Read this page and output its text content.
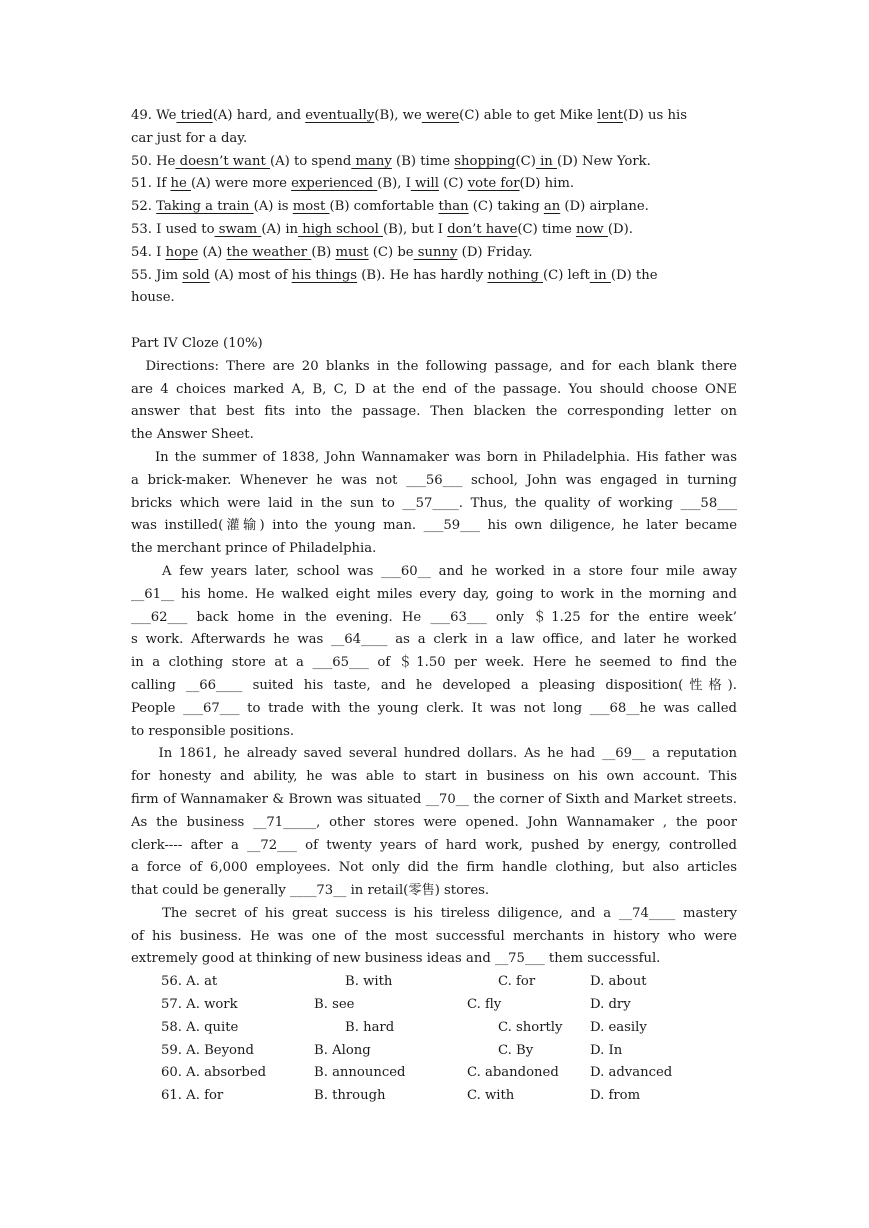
49. We tried(A) hard, and eventually(B), we were(C) able to get Mike lent(D) us his
car just for a day.
50. He doesn’t want (A) to spend many (B) time shopping(C) in (D) New York.
51. If he (A) were more experienced (B), I will (C) vote for(D) him.
52. Taking a train (A) is most (B) comfortable than (C) taking an (D) airplane.
53. I used to swam (A) in high school (B), but I don’t have(C) time now (D).
54. I hope (A) the weather (B) must (C) be sunny (D) Friday.
55. Jim sold (A) most of his things (B). He has hardly nothing (C) left in (D) the
house.
Part IV Cloze (10%)
Directions: There are 20 blanks in the following passage, and for each blank there
are 4 choices marked A, B, C, D at the end of the passage. You should choose ONE
answer that best fits into the passage. Then blacken the corresponding letter on
the Answer Sheet.
In the summer of 1838, John Wannamaker was born in Philadelphia. His father was
a brick-maker. Whenever he was not ___56___ school, John was engaged in turning
bricks which were laid in the sun to __57____. Thus, the quality of working ___58___
was instilled(灌输) into the young man. ___59___ his own diligence, he later became
the merchant prince of Philadelphia.
A few years later, school was ___60__ and he worked in a store four mile away
__61__ his home. He walked eight miles every day, going to work in the morning and
___62___ back home in the evening. He ___63___ only ＄1.25 for the entire week’
s work. Afterwards he was __64____ as a clerk in a law office, and later he worked
in a clothing store at a ___65___ of ＄1.50 per week. Here he seemed to find the
calling __66____ suited his taste, and he developed a pleasing disposition(性格).
People ___67___ to trade with the young clerk. It was not long ___68__he was called
to responsible positions.
In 1861, he already saved several hundred dollars. As he had __69__ a reputation
for honesty and ability, he was able to start in business on his own account. This
firm of Wannamaker & Brown was situated __70__ the corner of Sixth and Market streets.
As the business __71_____, other stores were opened. John Wannamaker , the poor
clerk---- after a __72___ of twenty years of hard work, pushed by energy, controlled
a force of 6,000 employees. Not only did the firm handle clothing, but also articles
that could be generally ____73__ in retail(零售) stores.
The secret of his great success is his tireless diligence, and a __74____ mastery
of his business. He was one of the most successful merchants in history who were
extremely good at thinking of new business ideas and __75___ them successful.
56. A. at	B. with	C. for	D. about
57. A. work	B. see	C. fly	D. dry
58. A. quite	B. hard	C. shortly D. easily
59. A. Beyond	B. Along	C. By	D. In
60. A. absorbed	B. announced	C. abandoned D. advanced
61. A. for	B. through	C. with	D. from
